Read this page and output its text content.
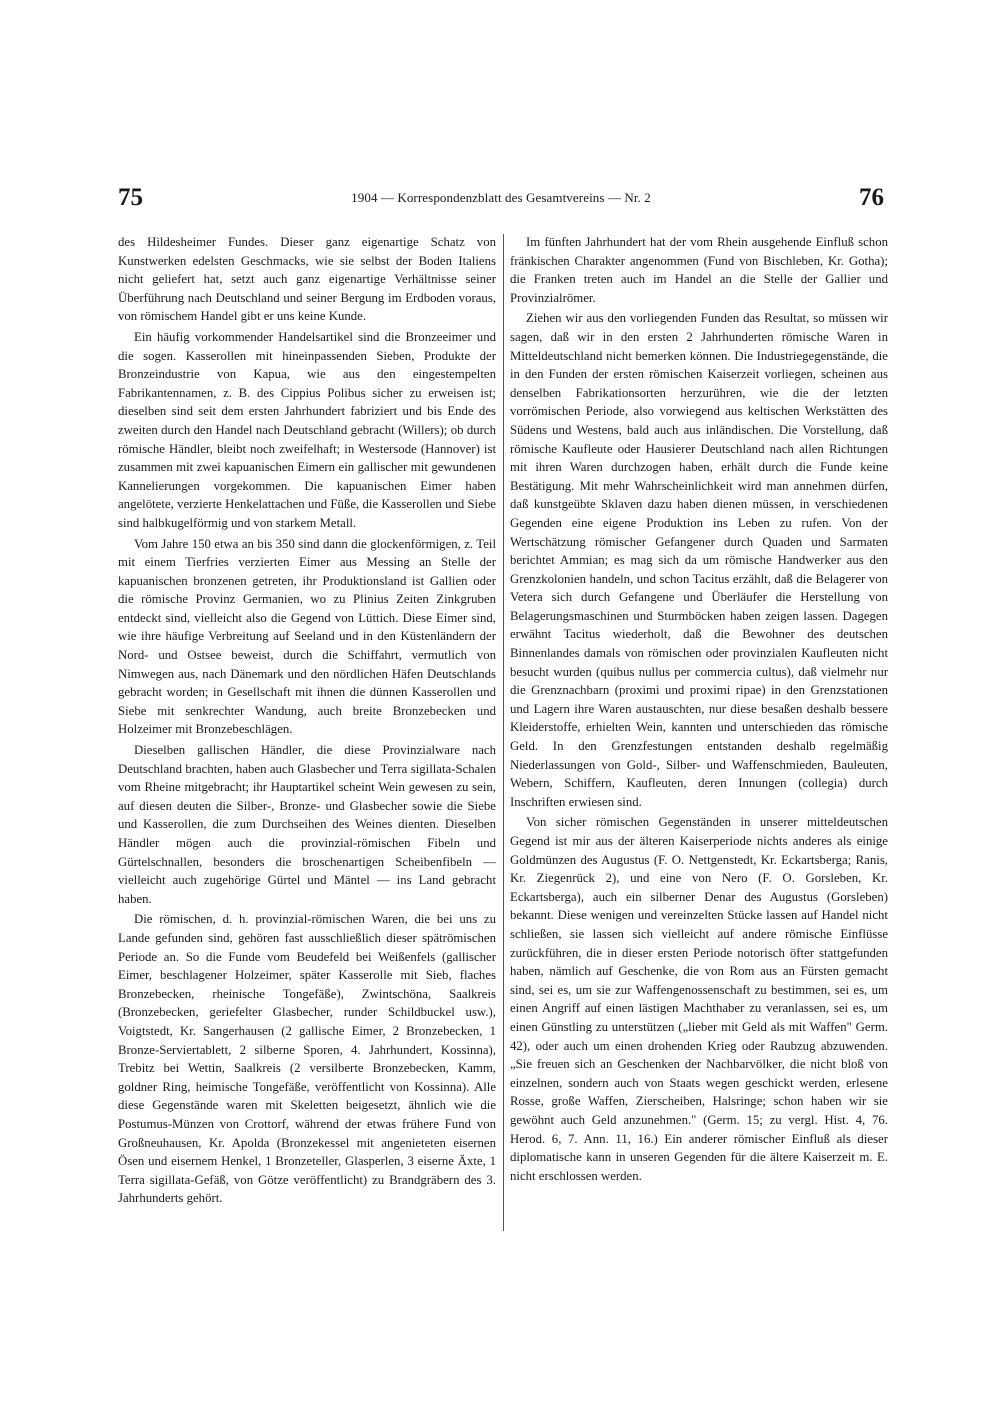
75	1904 — Korrespondenzblatt des Gesamtvereins — Nr. 2	76

des Hildesheimer Fundes. Dieser ganz eigenartige Schatz von Kunstwerken edelsten Geschmacks, wie sie selbst der Boden Italiens nicht geliefert hat, setzt auch ganz eigenartige Verhältnisse seiner Überführung nach Deutschland und seiner Bergung im Erdboden voraus, von römischem Handel gibt er uns keine Kunde.

Ein häufig vorkommender Handelsartikel sind die Bronzeeimer und die sogen. Kasserollen mit hineinpassenden Sieben, Produkte der Bronzeindustrie von Kapua, wie aus den eingestempelten Fabrikantennamen, z. B. des Cippius Polibus sicher zu erweisen ist; dieselben sind seit dem ersten Jahrhundert fabriziert und bis Ende des zweiten durch den Handel nach Deutschland gebracht (Willers); ob durch römische Händler, bleibt noch zweifelhaft; in Westersode (Hannover) ist zusammen mit zwei kapuanischen Eimern ein gallischer mit gewundenen Kannelierungen vorgekommen. Die kapuanischen Eimer haben angelötete, verzierte Henkelattachen und Füße, die Kasserollen und Siebe sind halbkugelförmig und von starkem Metall.

Vom Jahre 150 etwa an bis 350 sind dann die glockenförmigen, z. Teil mit einem Tierfries verzierten Eimer aus Messing an Stelle der kapuanischen bronzenen getreten, ihr Produktionsland ist Gallien oder die römische Provinz Germanien, wo zu Plinius Zeiten Zinkgruben entdeckt sind, vielleicht also die Gegend von Lüttich. Diese Eimer sind, wie ihre häufige Verbreitung auf Seeland und in den Küstenländern der Nord- und Ostsee beweist, durch die Schiffahrt, vermutlich von Nimwegen aus, nach Dänemark und den nördlichen Häfen Deutschlands gebracht worden; in Gesellschaft mit ihnen die dünnen Kasserollen und Siebe mit senkrechter Wandung, auch breite Bronzebecken und Holzeimer mit Bronzebeschlägen.

Dieselben gallischen Händler, die diese Provinzialware nach Deutschland brachten, haben auch Glasbecher und Terra sigillata-Schalen vom Rheine mitgebracht; ihr Hauptartikel scheint Wein gewesen zu sein, auf diesen deuten die Silber-, Bronze- und Glasbecher sowie die Siebe und Kasserollen, die zum Durchseihen des Weines dienten. Dieselben Händler mögen auch die provinzial-römischen Fibeln und Gürtelschnallen, besonders die broschenartigen Scheibenfibeln — vielleicht auch zugehörige Gürtel und Mäntel — ins Land gebracht haben.

Die römischen, d. h. provinzial-römischen Waren, die bei uns zu Lande gefunden sind, gehören fast ausschließlich dieser spätrömischen Periode an. So die Funde vom Beudefeld bei Weißenfels (gallischer Eimer, beschlagener Holzeimer, später Kasserolle mit Sieb, flaches Bronzebecken, rheinische Tongefäße), Zwintschöna, Saalkreis (Bronzebecken, geriefelter Glasbecher, runder Schildbuckel usw.), Voigtstedt, Kr. Sangerhausen (2 gallische Eimer, 2 Bronzebecken, 1 Bronze-Serviertablett, 2 silberne Sporen, 4. Jahrhundert, Kossinna), Trebitz bei Wettin, Saalkreis (2 versilberte Bronzebecken, Kamm, goldner Ring, heimische Tongefäße, veröffentlicht von Kossinna). Alle diese Gegenstände waren mit Skeletten beigesetzt, ähnlich wie die Postumus-Münzen von Crottorf, während der etwas frühere Fund von Großneuhausen, Kr. Apolda (Bronzekessel mit angenieteten eisernen Ösen und eisernem Henkel, 1 Bronzeteller, Glasperlen, 3 eiserne Äxte, 1 Terra sigillata-Gefäß, von Götze veröffentlicht) zu Brandgräbern des 3. Jahrhunderts gehört.

Im fünften Jahrhundert hat der vom Rhein ausgehende Einfluß schon fränkischen Charakter angenommen (Fund von Bischleben, Kr. Gotha); die Franken treten auch im Handel an die Stelle der Gallier und Provinzialrömer.

Ziehen wir aus den vorliegenden Funden das Resultat, so müssen wir sagen, daß wir in den ersten 2 Jahrhunderten römische Waren in Mitteldeutschland nicht bemerken können. Die Industriegegenstände, die in den Funden der ersten römischen Kaiserzeit vorliegen, scheinen aus denselben Fabrikationsorten herzurühren, wie die der letzten vorrömischen Periode, also vorwiegend aus keltischen Werkstätten des Südens und Westens, bald auch aus inländischen. Die Vorstellung, daß römische Kaufleute oder Hausierer Deutschland nach allen Richtungen mit ihren Waren durchzogen haben, erhält durch die Funde keine Bestätigung. Mit mehr Wahrscheinlichkeit wird man annehmen dürfen, daß kunstgeübte Sklaven dazu haben dienen müssen, in verschiedenen Gegenden eine eigene Produktion ins Leben zu rufen. Von der Wertschätzung römischer Gefangener durch Quaden und Sarmaten berichtet Ammian; es mag sich da um römische Handwerker aus den Grenzkolonien handeln, und schon Tacitus erzählt, daß die Belagerer von Vetera sich durch Gefangene und Überläufer die Herstellung von Belagerungsmaschinen und Sturmböcken haben zeigen lassen. Dagegen erwähnt Tacitus wiederholt, daß die Bewohner des deutschen Binnenlandes damals von römischen oder provinzialen Kaufleuten nicht besucht wurden (quibus nullus per commercia cultus), daß vielmehr nur die Grenznachbarn (proximi und proximi ripae) in den Grenzstationen und Lagern ihre Waren austauschten, nur diese besaßen deshalb bessere Kleiderstoffe, erhielten Wein, kannten und unterschieden das römische Geld. In den Grenzfestungen entstanden deshalb regelmäßig Niederlassungen von Gold-, Silber- und Waffenschmieden, Bauleuten, Webern, Schiffern, Kaufleuten, deren Innungen (collegia) durch Inschriften erwiesen sind.

Von sicher römischen Gegenständen in unserer mitteldeutschen Gegend ist mir aus der älteren Kaiserperiode nichts anderes als einige Goldmünzen des Augustus (F. O. Nettgenstedt, Kr. Eckartsberga; Ranis, Kr. Ziegenrück 2), und eine von Nero (F. O. Gorsleben, Kr. Eckartsberga), auch ein silberner Denar des Augustus (Gorsleben) bekannt. Diese wenigen und vereinzelten Stücke lassen auf Handel nicht schließen, sie lassen sich vielleicht auf andere römische Einflüsse zurückführen, die in dieser ersten Periode notorisch öfter stattgefunden haben, nämlich auf Geschenke, die von Rom aus an Fürsten gemacht sind, sei es, um sie zur Waffengenossenschaft zu bestimmen, sei es, um einen Angriff auf einen lästigen Machthaber zu veranlassen, sei es, um einen Günstling zu unterstützen („lieber mit Geld als mit Waffen" Germ. 42), oder auch um einen drohenden Krieg oder Raubzug abzuwenden. „Sie freuen sich an Geschenken der Nachbarvölker, die nicht bloß von einzelnen, sondern auch von Staats wegen geschickt werden, erlesene Rosse, große Waffen, Zierscheiben, Halsringe; schon haben wir sie gewöhnt auch Geld anzunehmen." (Germ. 15; zu vergl. Hist. 4, 76. Herod. 6, 7. Ann. 11, 16.) Ein anderer römischer Einfluß als dieser diplomatische kann in unseren Gegenden für die ältere Kaiserzeit m. E. nicht erschlossen werden.
